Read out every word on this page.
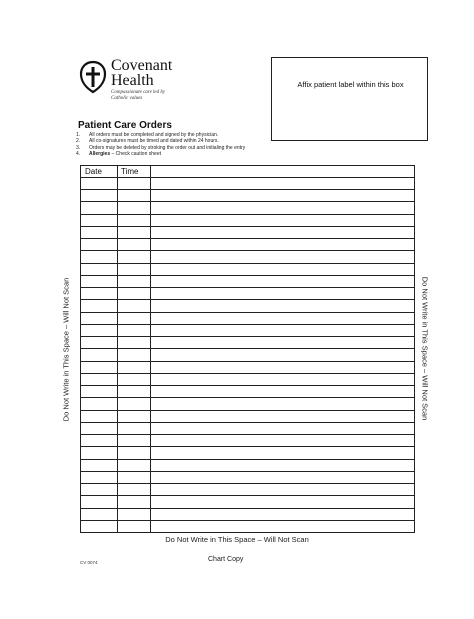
Covenant
Health
Compassionate care led by Catholic values
Affix patient label within this box
Patient Care Orders
1.	All orders must be completed and signed by the physician.
2.	All co-signatures must be timed and dated within 24 hours.
3.	Orders may be deleted by stroking the order out and initialing the entry
4.	Allergies – Check caution sheet
Date Time
Do Not Write in This Space – Will Not Scan	Do Not Write in This Space – Will Not Scan
Do Not Write in This Space – Will Not Scan
CV 0074	Chart Copy
